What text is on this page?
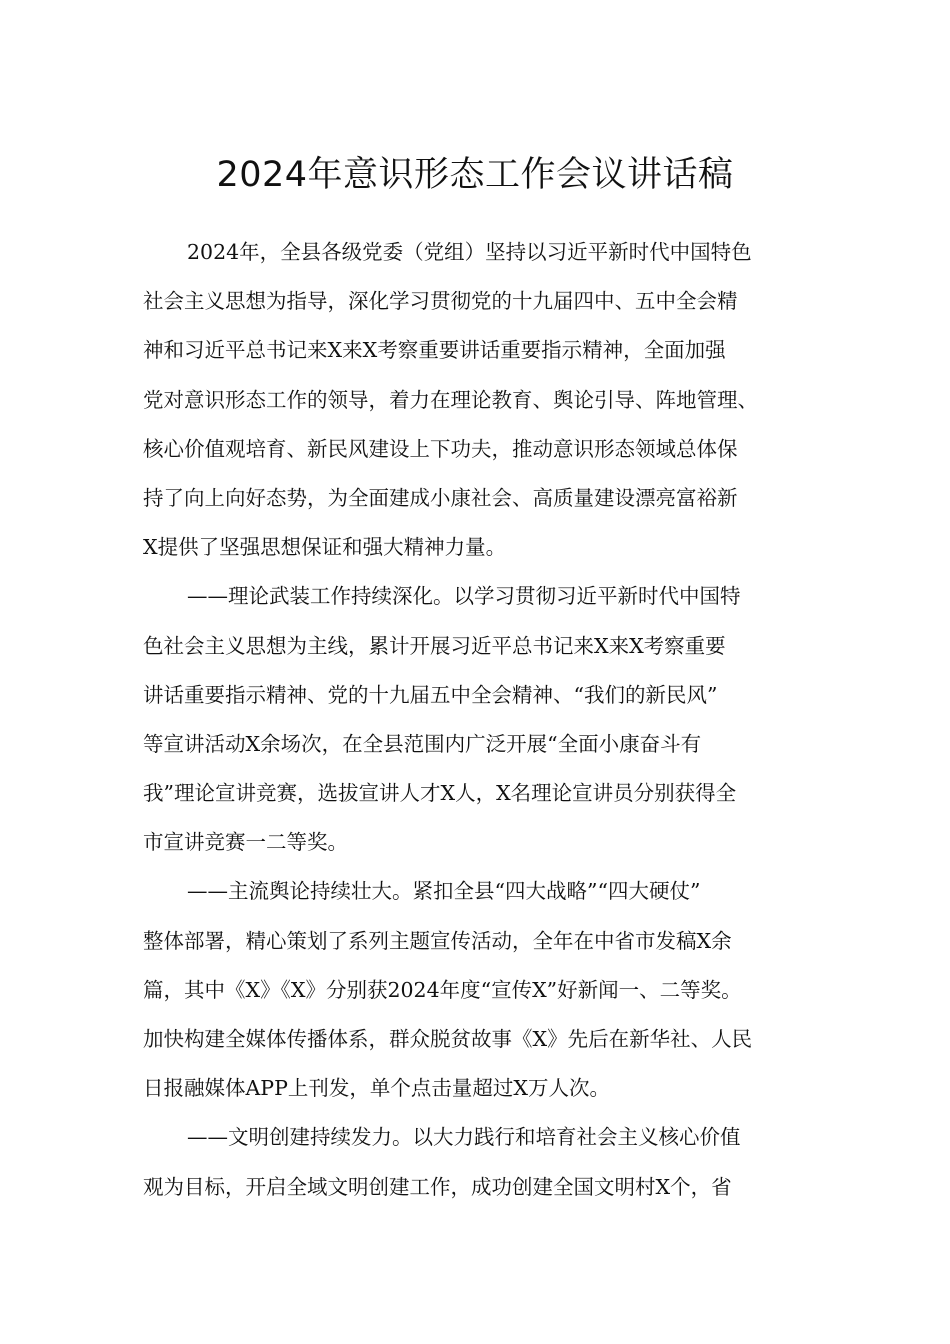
2024年意识形态工作会议讲话稿
2024年，全县各级党委（党组）坚持以习近平新时代中国特色
社会主义思想为指导，深化学习贯彻党的十九届四中、五中全会精
神和习近平总书记来X来X考察重要讲话重要指示精神，全面加强
党对意识形态工作的领导，着力在理论教育、舆论引导、阵地管理、
核心价值观培育、新民风建设上下功夫，推动意识形态领域总体保
持了向上向好态势，为全面建成小康社会、高质量建设漂亮富裕新
X提供了坚强思想保证和强大精神力量。
——理论武装工作持续深化。以学习贯彻习近平新时代中国特
色社会主义思想为主线，累计开展习近平总书记来X来X考察重要
讲话重要指示精神、党的十九届五中全会精神、“我们的新民风”
等宣讲活动X余场次，在全县范围内广泛开展“全面小康奋斗有
我”理论宣讲竞赛，选拔宣讲人才X人，X名理论宣讲员分别获得全
市宣讲竞赛一二等奖。
——主流舆论持续壮大。紧扣全县“四大战略”“四大硬仗”
整体部署，精心策划了系列主题宣传活动，全年在中省市发稿X余
篇，其中《X》《X》分别获2024年度“宣传X”好新闻一、二等奖。
加快构建全媒体传播体系，群众脱贫故事《X》先后在新华社、人民
日报融媒体APP上刊发，单个点击量超过X万人次。
——文明创建持续发力。以大力践行和培育社会主义核心价值
观为目标，开启全域文明创建工作，成功创建全国文明村X个，省
